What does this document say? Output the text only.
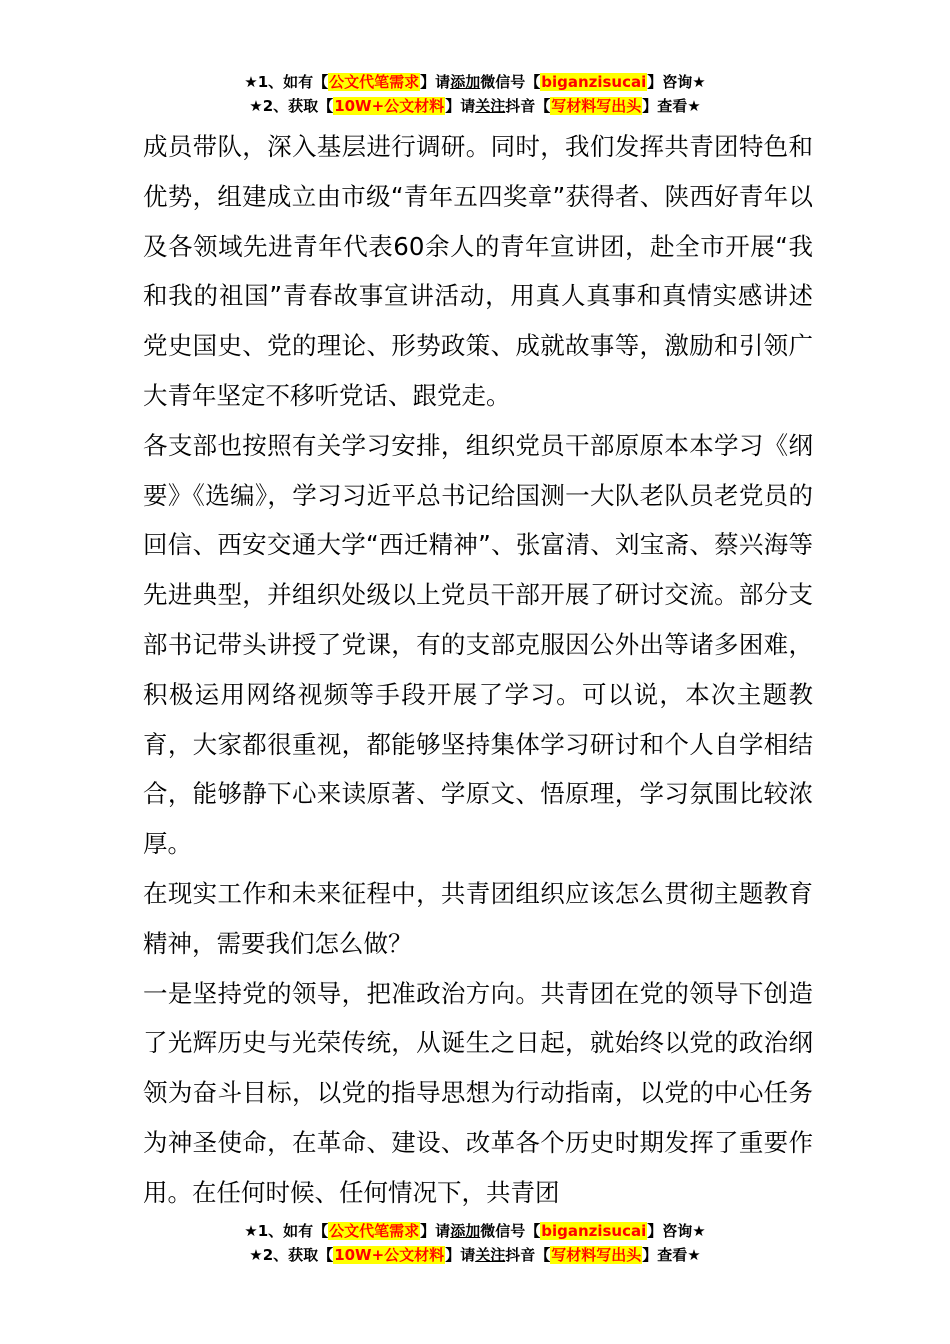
★1、如有【公文代笔需求】请添加微信号【biganzisucai】咨询★
★2、获取【10W+公文材料】请关注抖音【写材料写出头】查看★

成员带队，深入基层进行调研。同时，我们发挥共青团特色和优势，组建成立由市级“青年五四奖章”获得者、陕西好青年以及各领域先进青年代表60余人的青年宣讲团，赴全市开展“我和我的祖国”青春故事宣讲活动，用真人真事和真情实感讲述党史国史、党的理论、形势政策、成就故事等，激励和引领广大青年坚定不移听党话、跟党走。

各支部也按照有关学习安排，组织党员干部原原本本学习《纲要》《选编》，学习习近平总书记给国测一大队老队员老党员的回信、西安交通大学“西迁精神”、张富清、刘宝斋、蔡兴海等先进典型，并组织处级以上党员干部开展了研讨交流。部分支部书记带头讲授了党课，有的支部克服因公外出等诸多困难，积极运用网络视频等手段开展了学习。可以说，本次主题教育，大家都很重视，都能够坚持集体学习研讨和个人自学相结合，能够静下心来读原著、学原文、悟原理，学习氛围比较浓厚。

在现实工作和未来征程中，共青团组织应该怎么贯彻主题教育精神，需要我们怎么做？

一是坚持党的领导，把准政治方向。共青团在党的领导下创造了光辉历史与光荣传统，从诞生之日起，就始终以党的政治纲领为奋斗目标，以党的指导思想为行动指南，以党的中心任务为神圣使命，在革命、建设、改革各个历史时期发挥了重要作用。在任何时候、任何情况下，共青团

★1、如有【公文代笔需求】请添加微信号【biganzisucai】咨询★
★2、获取【10W+公文材料】请关注抖音【写材料写出头】查看★
